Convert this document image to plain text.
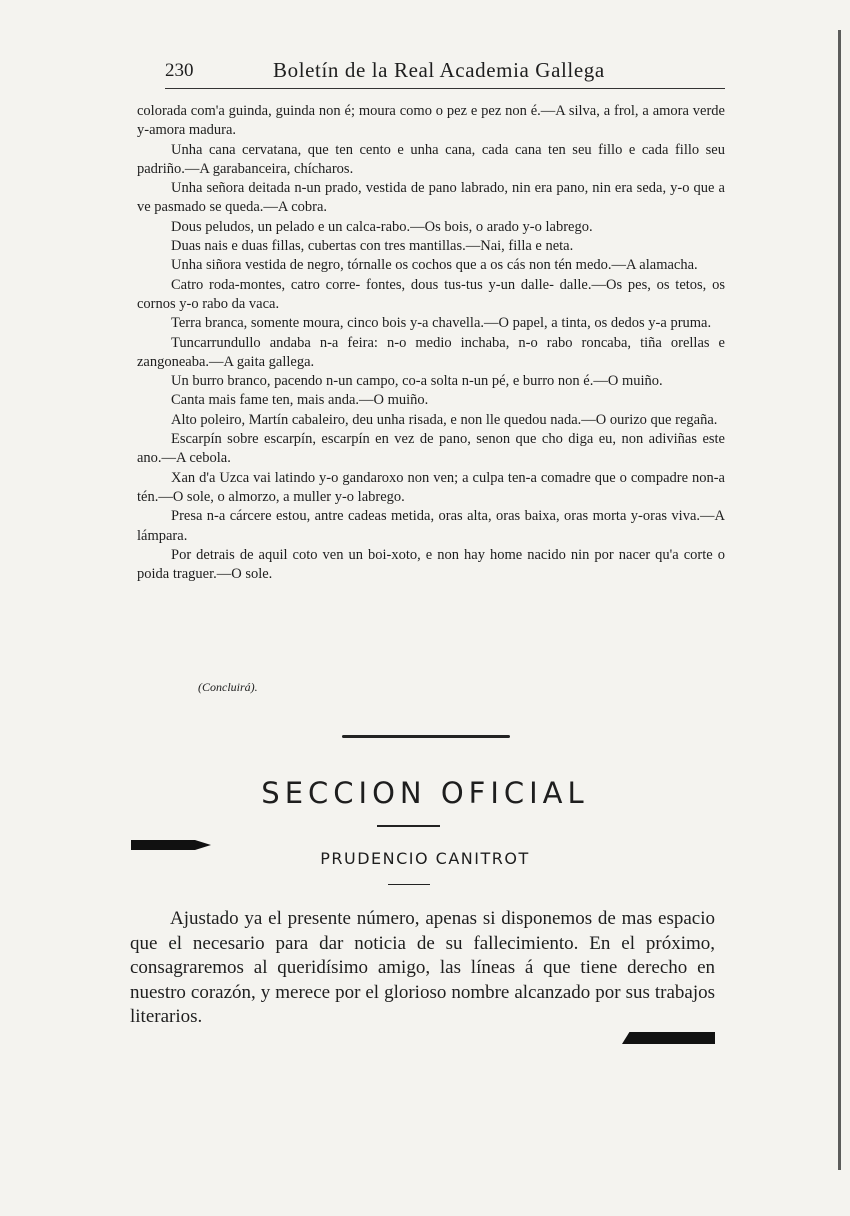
230	Boletín de la Real Academia Gallega

colorada com'a guinda, guinda non é; moura como o pez e pez non é.—A silva, a frol, a amora verde y-amora madura.

Unha cana cervatana, que ten cento e unha cana, cada cana ten seu fillo e cada fillo seu padriño.—A garabanceira, chícharos.

Unha señora deitada n-un prado, vestida de pano labrado, nin era pano, nin era seda, y-o que a ve pasmado se queda.—A cobra.

Dous peludos, un pelado e un calca-rabo.—Os bois, o arado y-o labrego.

Duas nais e duas fillas, cubertas con tres mantillas.—Nai, filla e neta.

Unha siñora vestida de negro, tórnalle os cochos que a os cás non tén medo.—A alamacha.

Catro roda-montes, catro corre- fontes, dous tus-tus y-un dalle- dalle.—Os pes, os tetos, os cornos y-o rabo da vaca.

Terra branca, somente moura, cinco bois y-a chavella.—O papel, a tinta, os dedos y-a pruma.

Tuncarrundullo andaba n-a feira: n-o medio inchaba, n-o rabo roncaba, tiña orellas e zangoneaba.—A gaita gallega.

Un burro branco, pacendo n-un campo, co-a solta n-un pé, e burro non é.—O muiño.

Canta mais fame ten, mais anda.—O muiño.

Alto poleiro, Martín cabaleiro, deu unha risada, e non lle quedou nada.—O ourizo que regaña.

Escarpín sobre escarpín, escarpín en vez de pano, senon que cho diga eu, non adiviñas este ano.—A cebola.

Xan d'a Uzca vai latindo y-o gandaroxo non ven; a culpa ten-a comadre que o compadre non-a tén.—O sole, o almorzo, a muller y-o labrego.

Presa n-a cárcere estou, antre cadeas metida, oras alta, oras baixa, oras morta y-oras viva.—A lámpara.

Por detrais de aquil coto ven un boi-xoto, e non hay home nacido nin por nacer qu'a corte o poida traguer.—O sole.

(Concluirá).
SECCION OFICIAL
PRUDENCIO CANITROT

Ajustado ya el presente número, apenas si disponemos de mas espacio que el necesario para dar noticia de su fallecimiento. En el próximo, consagraremos al queridísimo amigo, las líneas á que tiene derecho en nuestro corazón, y merece por el glorioso nombre alcanzado por sus trabajos literarios.
